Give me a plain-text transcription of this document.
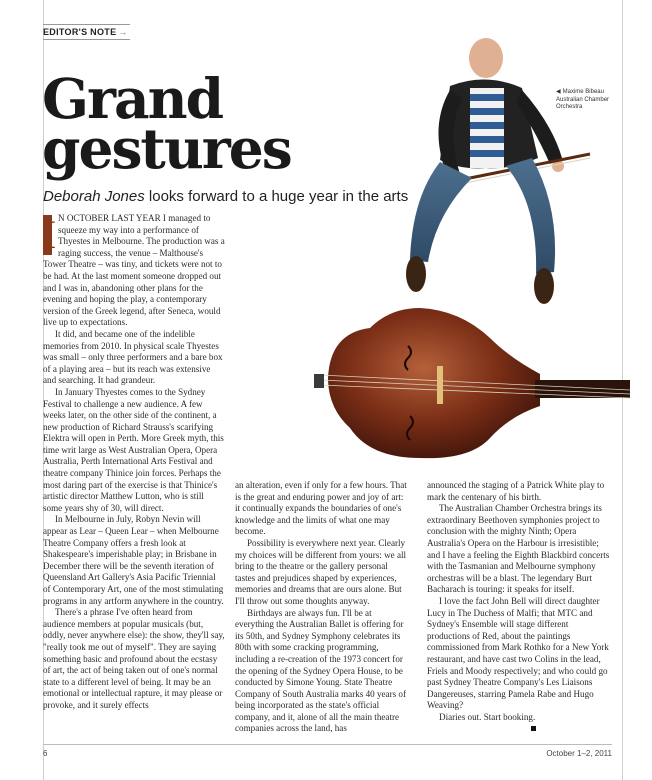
EDITOR'S NOTE →
Grand
gestures

Deborah Jones looks forward to a huge year in the arts

◀ Maxime Bibeau
Australian Chamber
Orchestra

I N OCTOBER LAST YEAR I managed to squeeze my way into a performance of Thyestes in Melbourne. The production was a raging success, the venue – Malthouse's Tower Theatre – was tiny, and tickets were not to be had. At the last moment someone dropped out and I was in, abandoning other plans for the evening and hoping the play, a contemporary version of the Greek legend, after Seneca, would live up to expectations.

It did, and became one of the indelible memories from 2010. In physical scale Thyestes was small – only three performers and a bare box of a playing area – but its reach was extensive and searching. It had grandeur.

In January Thyestes comes to the Sydney Festival to challenge a new audience. A few weeks later, on the other side of the continent, a new production of Richard Strauss's scarifying Elektra will open in Perth. More Greek myth, this time writ large as West Australian Opera, Opera Australia, Perth International Arts Festival and theatre company Thinice join forces. Perhaps the most daring part of the exercise is that Thinice's artistic director Matthew Lutton, who is still some years shy of 30, will direct.

In Melbourne in July, Robyn Nevin will appear as Lear – Queen Lear – when Melbourne Theatre Company offers a fresh look at Shakespeare's imperishable play; in Brisbane in December there will be the seventh iteration of Queensland Art Gallery's Asia Pacific Triennial of Contemporary Art, one of the most stimulating programs in any artform anywhere in the country.

There's a phrase I've often heard from audience members at popular musicals (but, oddly, never anywhere else): the show, they'll say, "really took me out of myself". They are saying something basic and profound about the ecstasy of art, the act of being taken out of one's normal state to a different level of being. It may be an emotional or intellectual rapture, it may please or provoke, and it surely effects

an alteration, even if only for a few hours. That is the great and enduring power and joy of art: it continually expands the boundaries of one's knowledge and the limits of what one may become.

Possibility is everywhere next year. Clearly my choices will be different from yours: we all bring to the theatre or the gallery personal tastes and prejudices shaped by experiences, memories and dreams that are ours alone. But I'll throw out some thoughts anyway.

Birthdays are always fun. I'll be at everything the Australian Ballet is offering for its 50th, and Sydney Symphony celebrates its 80th with some cracking programming, including a re-creation of the 1973 concert for the opening of the Sydney Opera House, to be conducted by Simone Young. State Theatre Company of South Australia marks 40 years of being incorporated as the state's official company, and it, alone of all the main theatre companies across the land, has

announced the staging of a Patrick White play to mark the centenary of his birth.

The Australian Chamber Orchestra brings its extraordinary Beethoven symphonies project to conclusion with the mighty Ninth; Opera Australia's Opera on the Harbour is irresistible; and I have a feeling the Eighth Blackbird concerts with the Tasmanian and Melbourne symphony orchestras will be a blast. The legendary Burt Bacharach is touring: it speaks for itself.

I love the fact John Bell will direct daughter Lucy in The Duchess of Malfi; that MTC and Sydney's Ensemble will stage different productions of Red, about the paintings commissioned from Mark Rothko for a New York restaurant, and have cast two Colins in the lead, Friels and Moody respectively; and who could go past Sydney Theatre Company's Les Liaisons Dangereuses, starring Pamela Rabe and Hugo Weaving?

Diaries out. Start booking.

6	October 1–2, 2011
